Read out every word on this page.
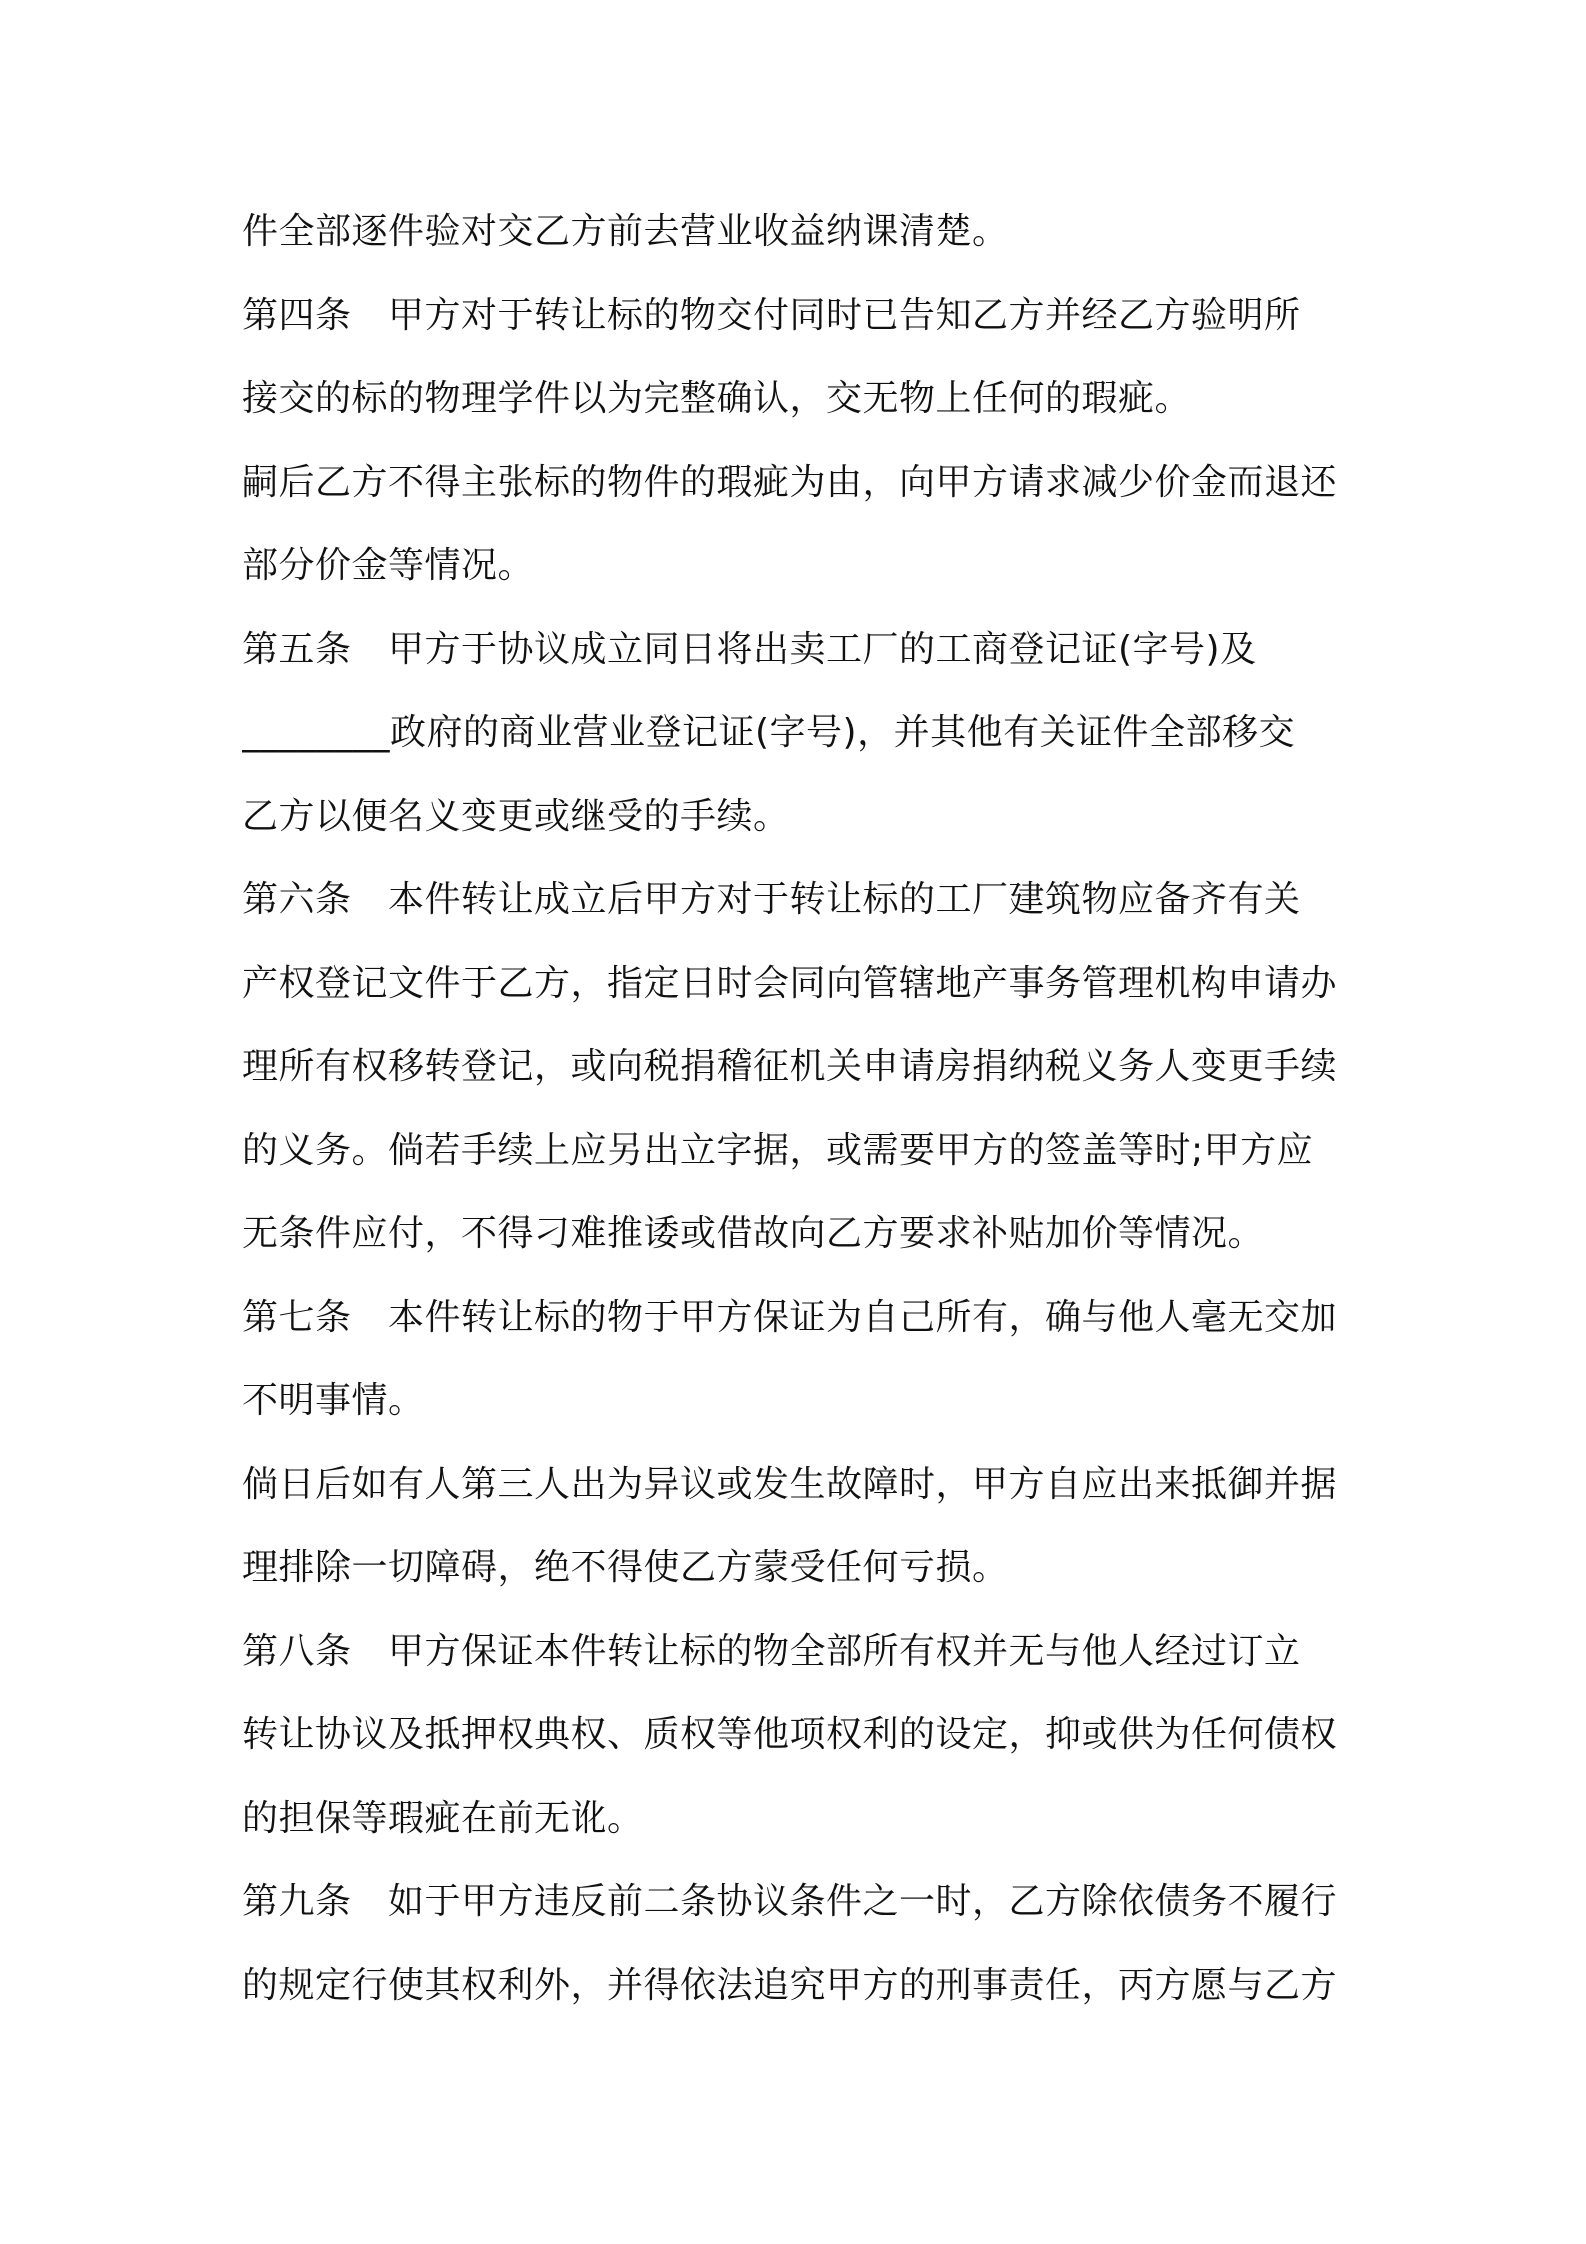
件全部逐件验对交乙方前去营业收益纳课清楚。
第四条　甲方对于转让标的物交付同时已告知乙方并经乙方验明所
接交的标的物理学件以为完整确认，交无物上任何的瑕疵。
嗣后乙方不得主张标的物件的瑕疵为由，向甲方请求减少价金而退还
部分价金等情况。
第五条　甲方于协议成立同日将出卖工厂的工商登记证(字号)及
________政府的商业营业登记证(字号)，并其他有关证件全部移交
乙方以便名义变更或继受的手续。
第六条　本件转让成立后甲方对于转让标的工厂建筑物应备齐有关
产权登记文件于乙方，指定日时会同向管辖地产事务管理机构申请办
理所有权移转登记，或向税捐稽征机关申请房捐纳税义务人变更手续
的义务。倘若手续上应另出立字据，或需要甲方的签盖等时;甲方应
无条件应付，不得刁难推诿或借故向乙方要求补贴加价等情况。
第七条　本件转让标的物于甲方保证为自己所有，确与他人毫无交加
不明事情。
倘日后如有人第三人出为异议或发生故障时，甲方自应出来抵御并据
理排除一切障碍，绝不得使乙方蒙受任何亏损。
第八条　甲方保证本件转让标的物全部所有权并无与他人经过订立
转让协议及抵押权典权、质权等他项权利的设定，抑或供为任何债权
的担保等瑕疵在前无讹。
第九条　如于甲方违反前二条协议条件之一时，乙方除依债务不履行
的规定行使其权利外，并得依法追究甲方的刑事责任，丙方愿与乙方
